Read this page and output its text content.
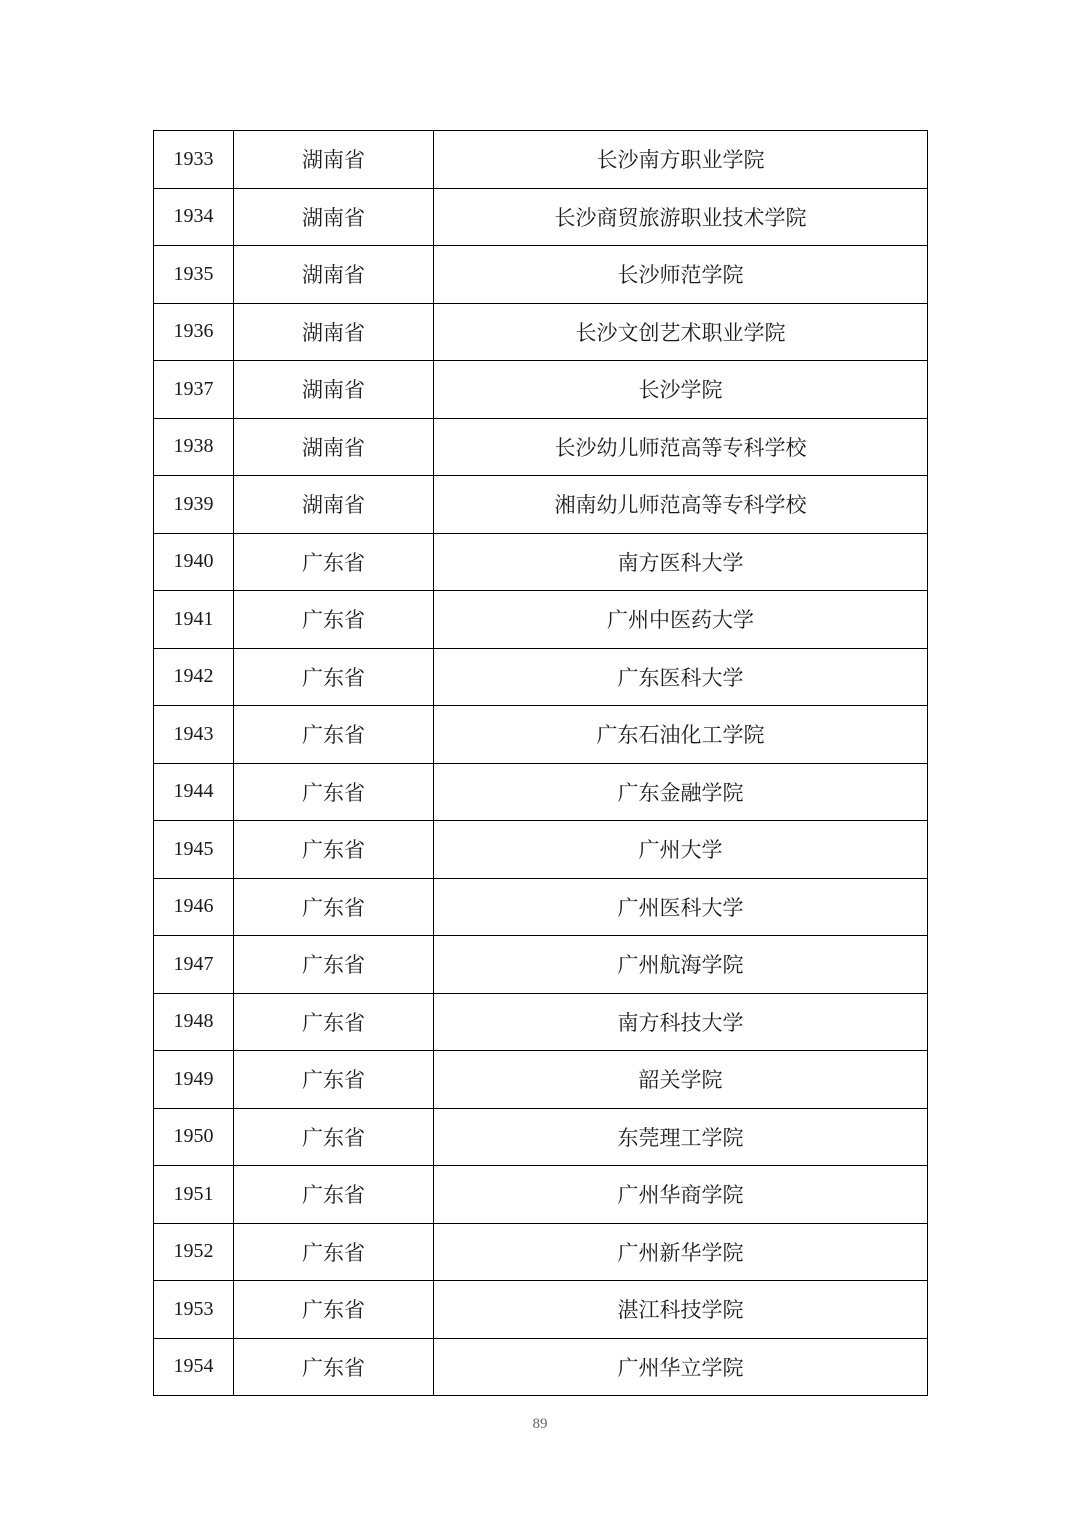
1933	湖南省	长沙南方职业学院
1934	湖南省	长沙商贸旅游职业技术学院
1935	湖南省	长沙师范学院
1936	湖南省	长沙文创艺术职业学院
1937	湖南省	长沙学院
1938	湖南省	长沙幼儿师范高等专科学校
1939	湖南省	湘南幼儿师范高等专科学校
1940	广东省	南方医科大学
1941	广东省	广州中医药大学
1942	广东省	广东医科大学
1943	广东省	广东石油化工学院
1944	广东省	广东金融学院
1945	广东省	广州大学
1946	广东省	广州医科大学
1947	广东省	广州航海学院
1948	广东省	南方科技大学
1949	广东省	韶关学院
1950	广东省	东莞理工学院
1951	广东省	广州华商学院
1952	广东省	广州新华学院
1953	广东省	湛江科技学院
1954	广东省	广州华立学院
89
